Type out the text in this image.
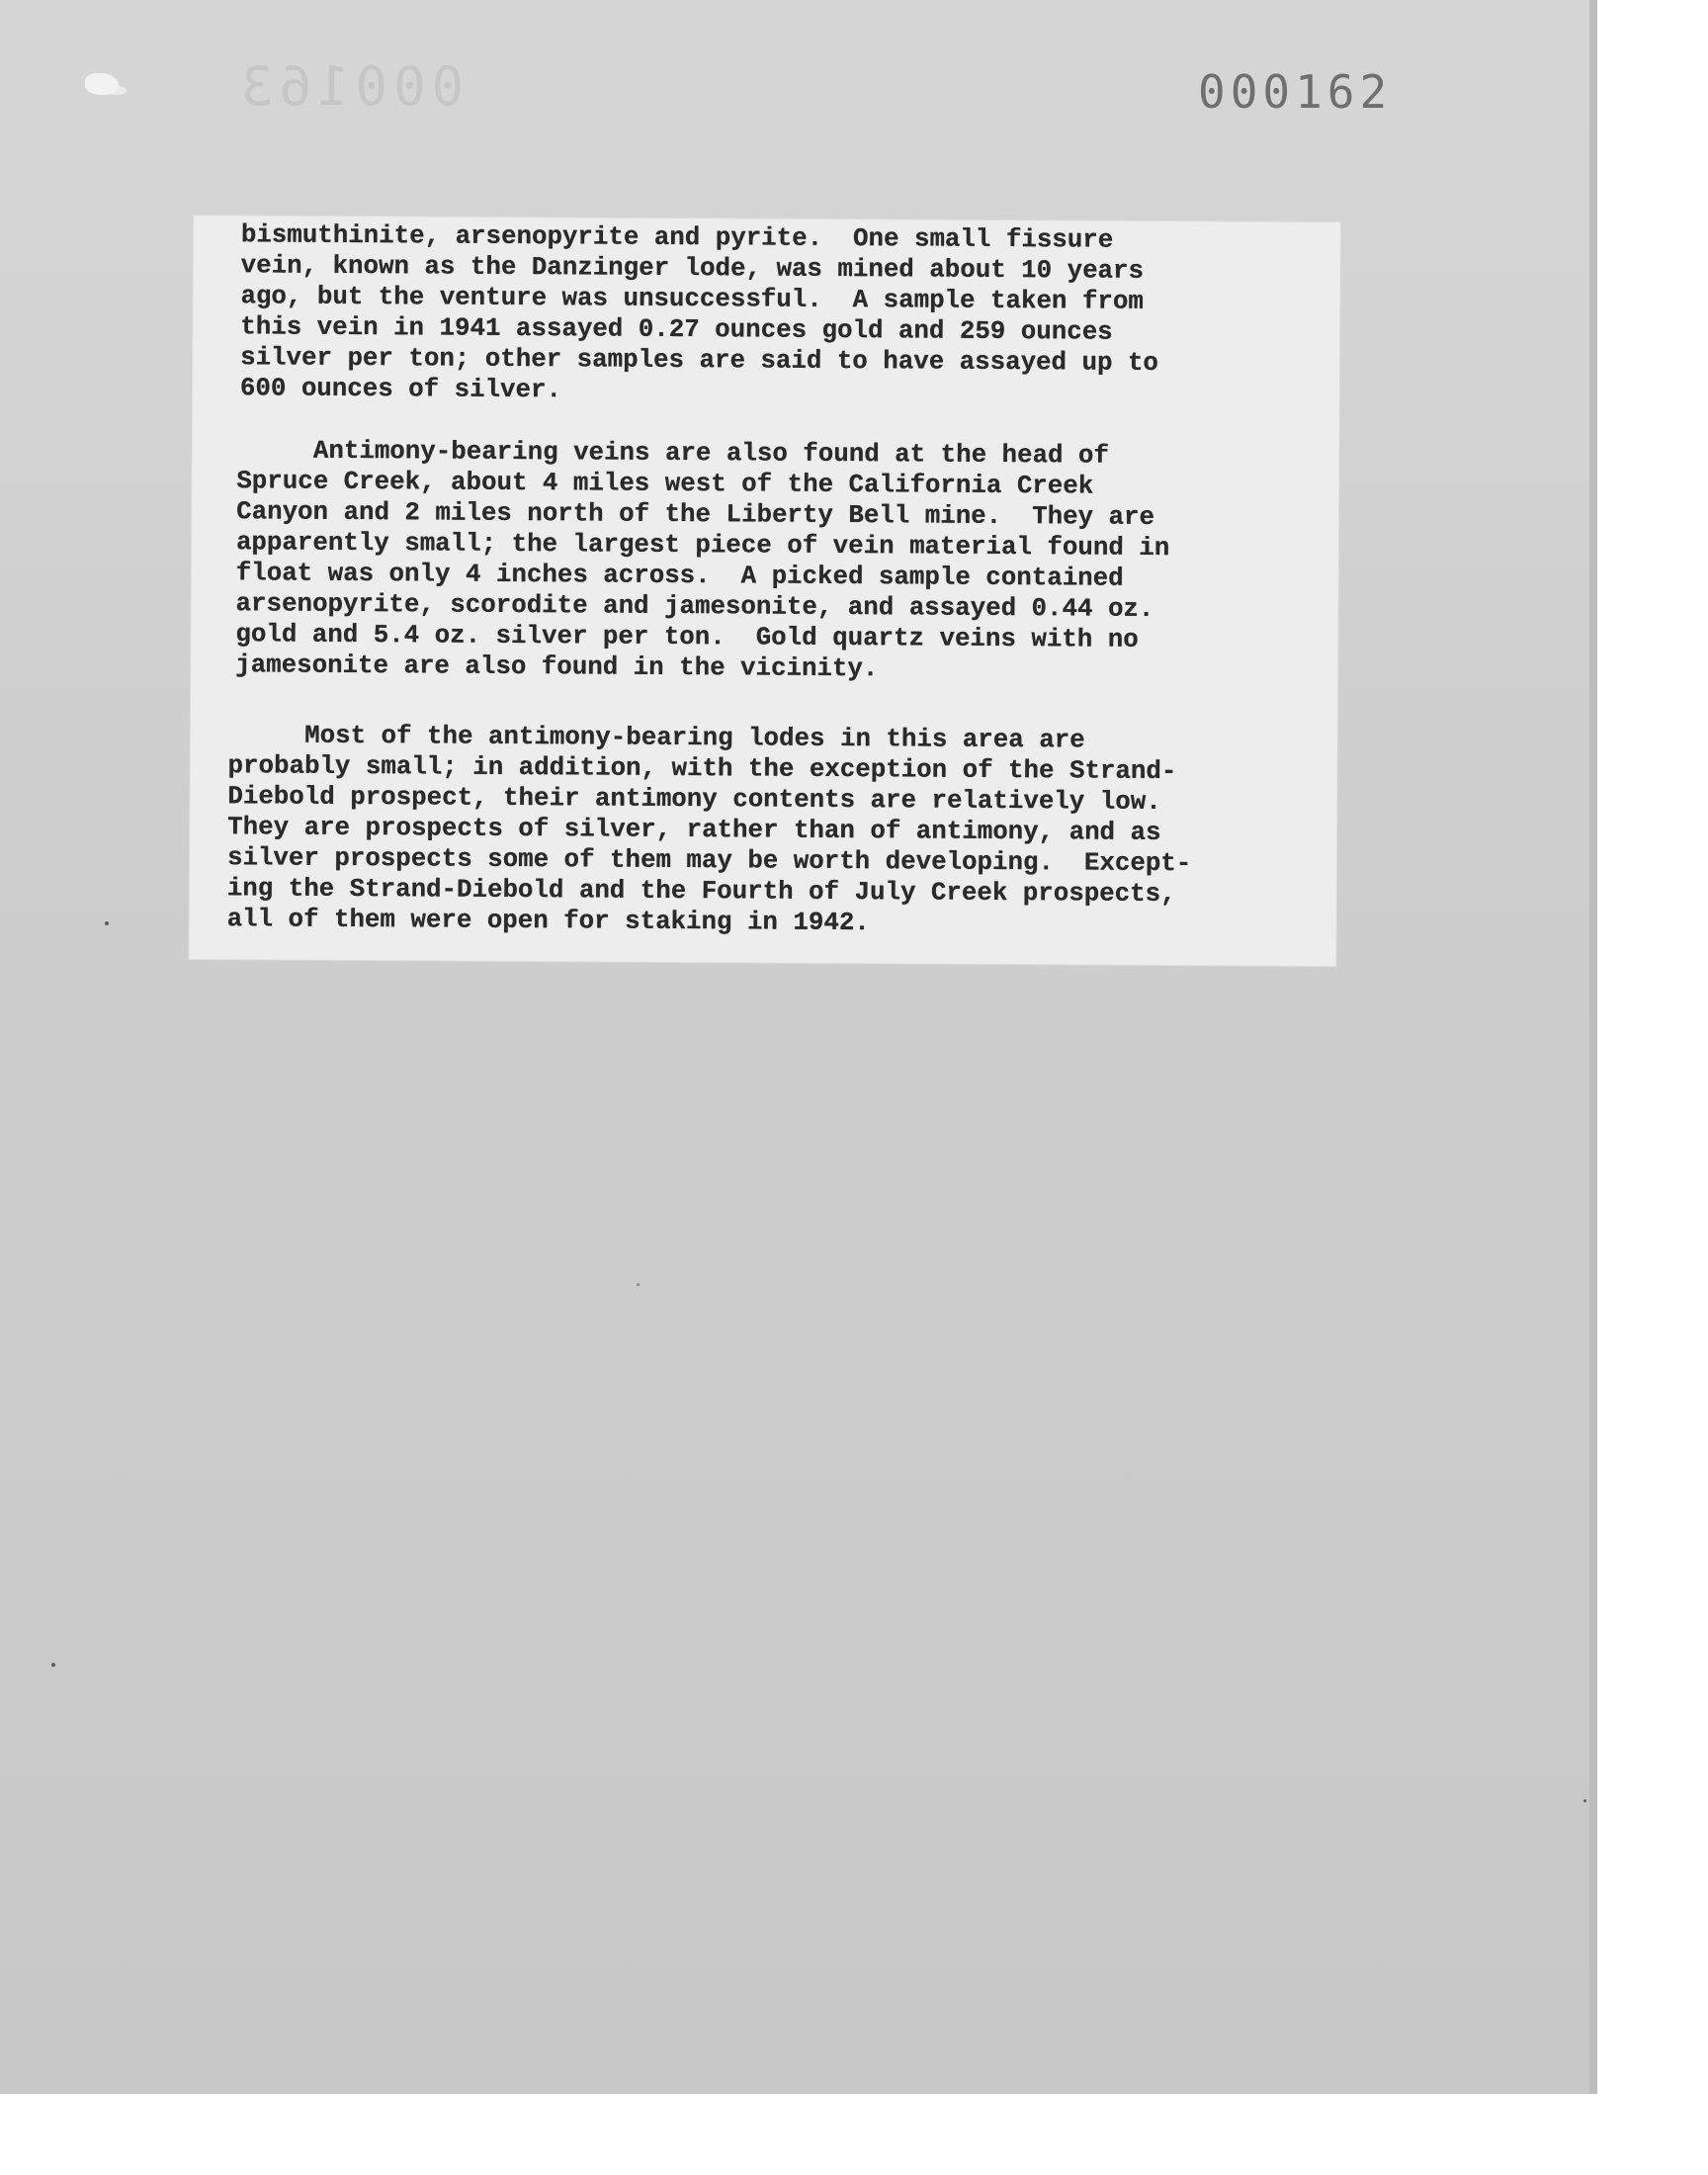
000163	000162

bismuthinite, arsenopyrite and pyrite.  One small fissure
vein, known as the Danzinger lode, was mined about 10 years
ago, but the venture was unsuccessful.  A sample taken from
this vein in 1941 assayed 0.27 ounces gold and 259 ounces
silver per ton; other samples are said to have assayed up to
600 ounces of silver.

Antimony-bearing veins are also found at the head of
Spruce Creek, about 4 miles west of the California Creek
Canyon and 2 miles north of the Liberty Bell mine.  They are
apparently small; the largest piece of vein material found in
float was only 4 inches across.  A picked sample contained
arsenopyrite, scorodite and jamesonite, and assayed 0.44 oz.
gold and 5.4 oz. silver per ton.  Gold quartz veins with no
jamesonite are also found in the vicinity.

Most of the antimony-bearing lodes in this area are
probably small; in addition, with the exception of the Strand-
Diebold prospect, their antimony contents are relatively low.
They are prospects of silver, rather than of antimony, and as
silver prospects some of them may be worth developing.  Except-
ing the Strand-Diebold and the Fourth of July Creek prospects,
all of them were open for staking in 1942.
